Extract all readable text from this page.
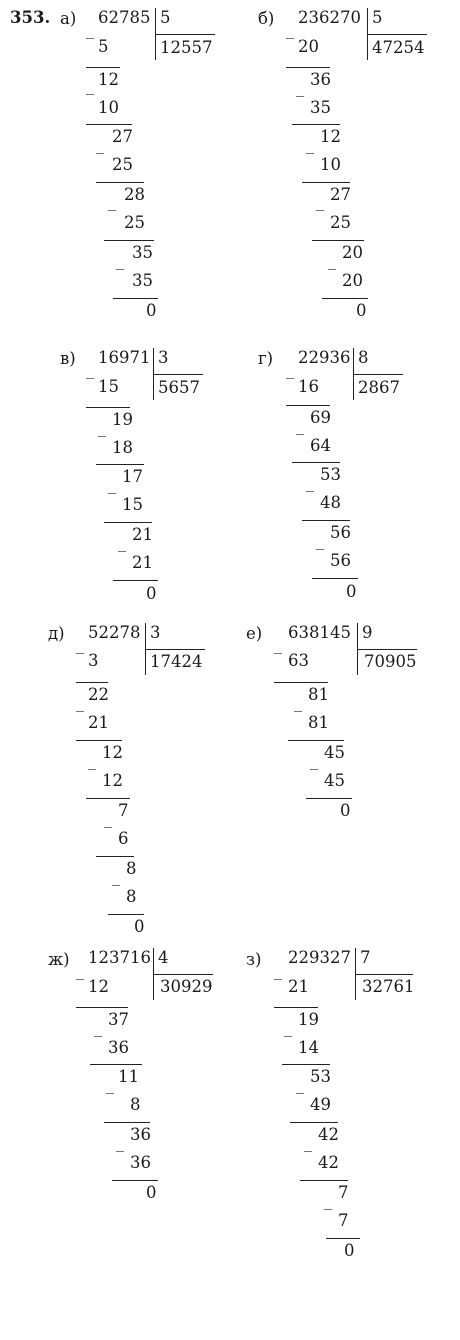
353. а)
_
62785
5
5
12557
_ 12
10
_ 27
25
_ 28
25
_ 35
35
0
б)
_
236270
20
5
47254
_ 36
35
_ 12
10
_ 27
25
_ 20
20
0
в)
_
16971
15
3
5657
_ 19
18
_ 17
15
_ 21
21
0
г)
_
22936
16
8
2867
_ 69
64
_ 53
48
_ 56
56
0
д)
_
52278
3
3
17424
_ 22
21
_ 12
12
_ 7
6
_ 8
8
0
е)
_
638145
63
9
70905
_ 81
81
_ 45
45
0
ж)
_
123716
12
4
30929
_ 37
36
_ 11
8
_ 36
36
0
з)
_
229327
21
7
32761
_ 19
14
_ 53
49
_ 42
42
_ 7
7
0
